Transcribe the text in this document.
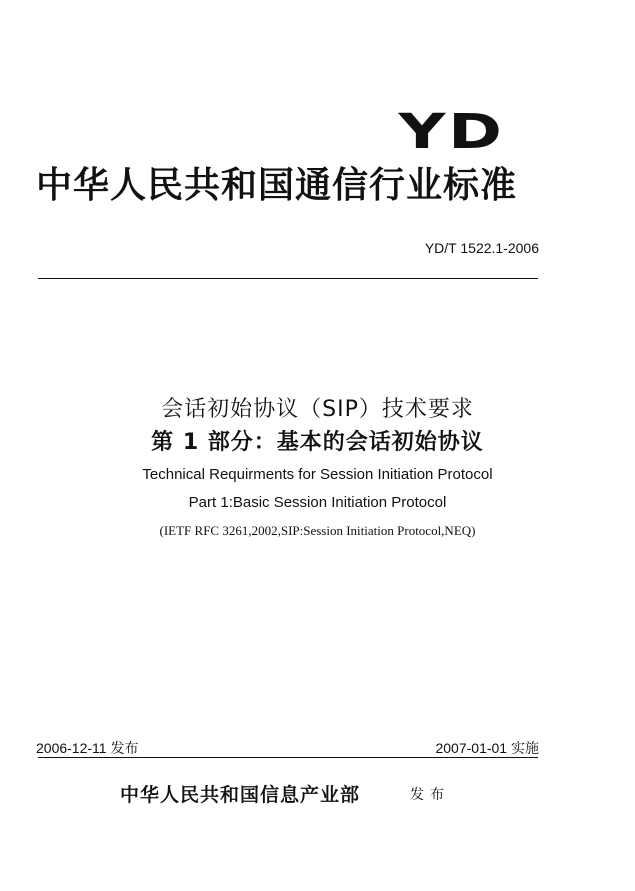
YD
中华人民共和国通信行业标准
YD/T 1522.1-2006
会话初始协议（SIP）技术要求
第 1 部分：基本的会话初始协议
Technical Requirments for Session Initiation Protocol
Part 1:Basic Session Initiation Protocol
(IETF RFC 3261,2002,SIP:Session Initiation Protocol,NEQ)
2006-12-11 发布	2007-01-01 实施
中华人民共和国信息产业部	发布
